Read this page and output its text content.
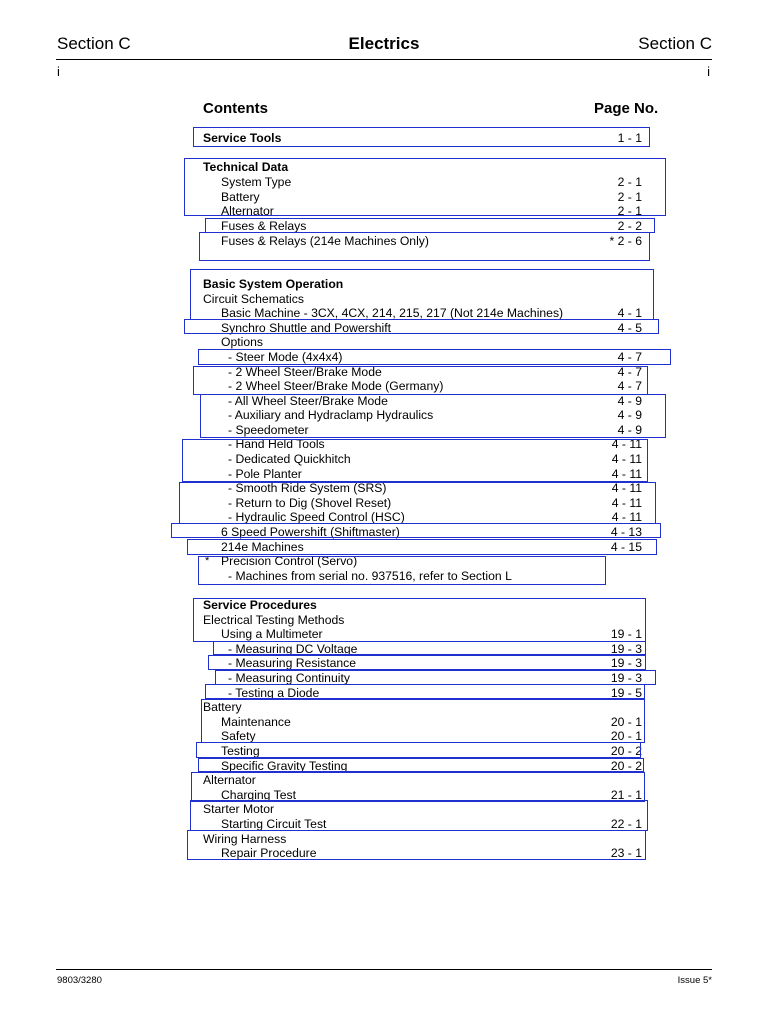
Section C	Electrics	Section C
i	i
Contents	Page No.
Service Tools	1 - 1
Technical Data
System Type	2 - 1
Battery	2 - 1
Alternator	2 - 1
Fuses & Relays	2 - 2
Fuses & Relays (214e Machines Only)	* 2 - 6
Basic System Operation
Circuit Schematics
Basic Machine - 3CX, 4CX, 214, 215, 217 (Not 214e Machines)	4 - 1
Synchro Shuttle and Powershift	4 - 5
Options
- Steer Mode (4x4x4)	4 - 7
- 2 Wheel Steer/Brake Mode	4 - 7
- 2 Wheel Steer/Brake Mode (Germany)	4 - 7
- All Wheel Steer/Brake Mode	4 - 9
- Auxiliary and Hydraclamp Hydraulics	4 - 9
- Speedometer	4 - 9
- Hand Held Tools	4 - 11
- Dedicated Quickhitch	4 - 11
- Pole Planter	4 - 11
- Smooth Ride System (SRS)	4 - 11
- Return to Dig (Shovel Reset)	4 - 11
- Hydraulic Speed Control (HSC)	4 - 11
6 Speed Powershift (Shiftmaster)	4 - 13
214e Machines	4 - 15
* Precision Control (Servo)
- Machines from serial no. 937516, refer to Section L
Service Procedures
Electrical Testing Methods
Using a Multimeter	19 - 1
- Measuring DC Voltage	19 - 3
- Measuring Resistance	19 - 3
- Measuring Continuity	19 - 3
- Testing a Diode	19 - 5
Battery
Maintenance	20 - 1
Safety	20 - 1
Testing	20 - 2
Specific Gravity Testing	20 - 2
Alternator
Charging Test	21 - 1
Starter Motor
Starting Circuit Test	22 - 1
Wiring Harness
Repair Procedure	23 - 1
9803/3280	Issue 5*
